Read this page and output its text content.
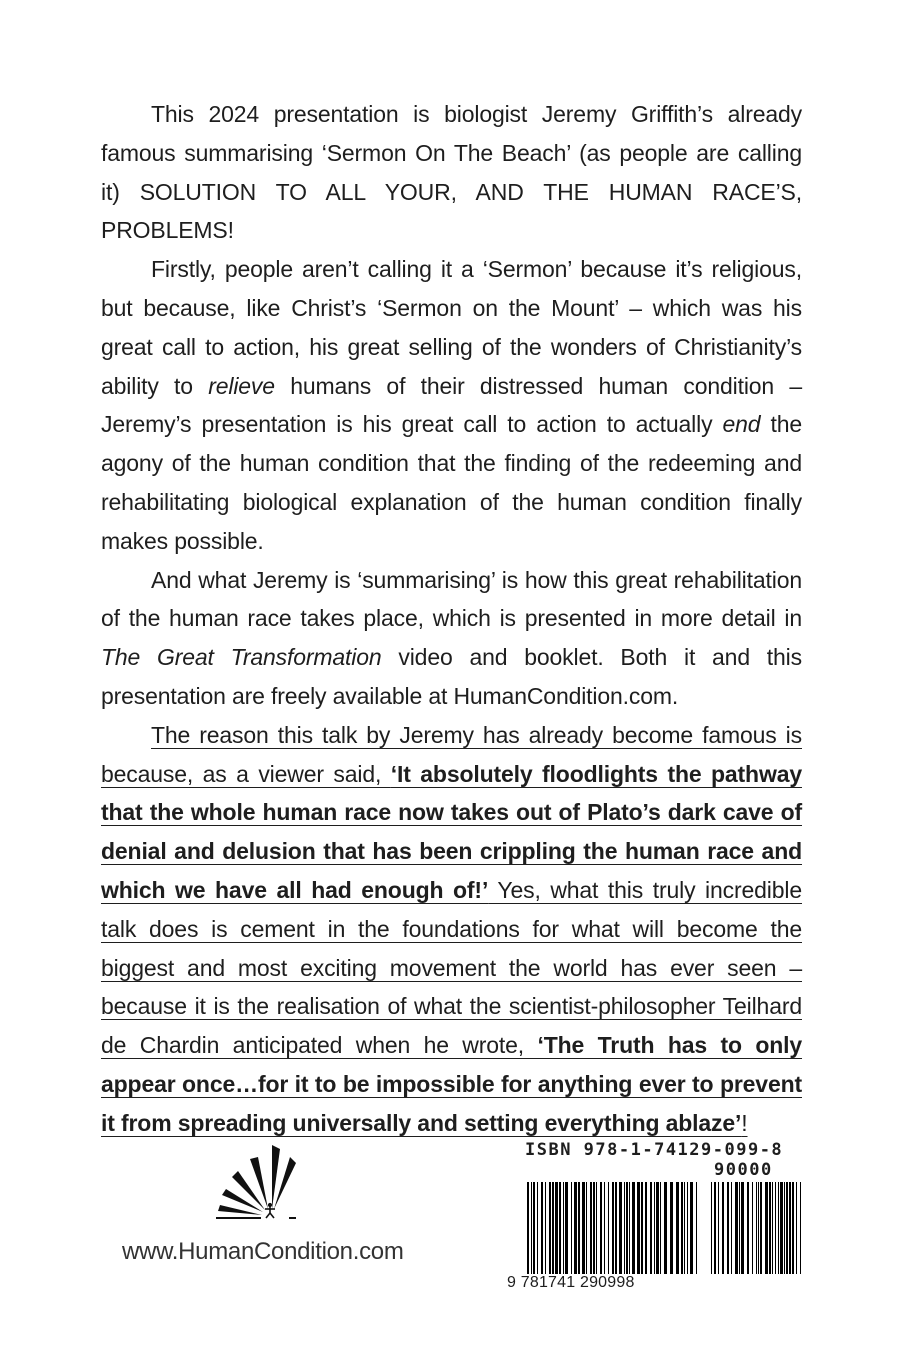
This 2024 presentation is biologist Jeremy Griffith’s already famous summarising ‘Sermon On The Beach’ (as people are calling it) SOLUTION TO ALL YOUR, AND THE HUMAN RACE’S, PROBLEMS!

Firstly, people aren’t calling it a ‘Sermon’ because it’s religious, but because, like Christ’s ‘Sermon on the Mount’ – which was his great call to action, his great selling of the wonders of Christianity’s ability to relieve humans of their distressed human condition – Jeremy’s presentation is his great call to action to actually end the agony of the human condition that the finding of the redeeming and rehabilitating biological explanation of the human condition finally makes possible.

And what Jeremy is ‘summarising’ is how this great rehabilitation of the human race takes place, which is presented in more detail in The Great Transformation video and booklet. Both it and this presentation are freely available at HumanCondition.com.

The reason this talk by Jeremy has already become famous is because, as a viewer said, ‘It absolutely floodlights the pathway that the whole human race now takes out of Plato’s dark cave of denial and delusion that has been crippling the human race and which we have all had enough of!’ Yes, what this truly incredible talk does is cement in the foundations for what will become the biggest and most exciting movement the world has ever seen – because it is the realisation of what the scientist-philosopher Teilhard de Chardin anticipated when he wrote, ‘The Truth has to only appear once…for it to be impossible for anything ever to prevent it from spreading universally and setting everything ablaze’!

www.HumanCondition.com
ISBN 978-1-74129-099-8
90000
9 781741 290998
